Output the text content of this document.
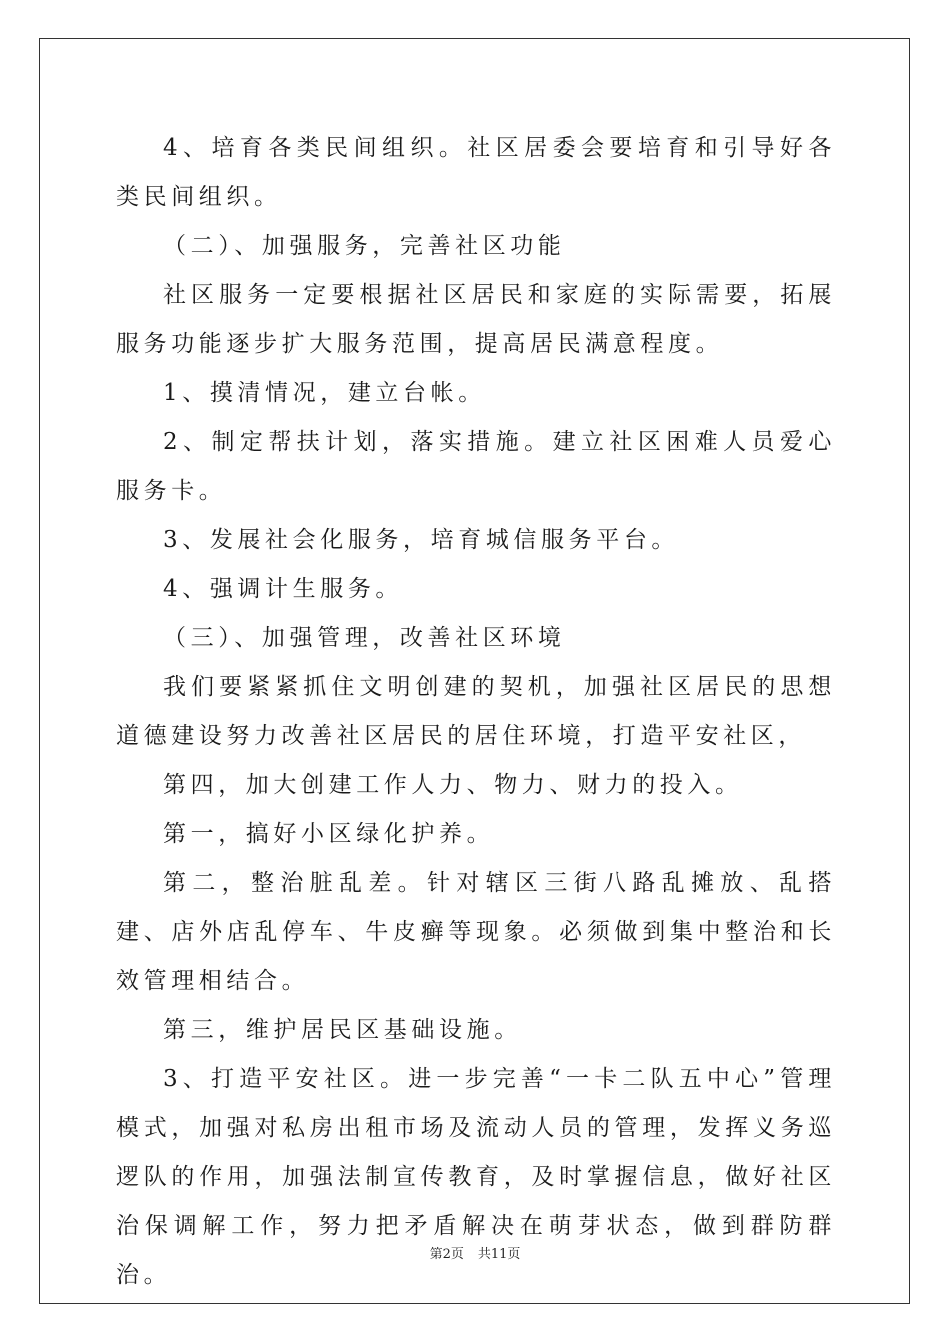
4、培育各类民间组织。社区居委会要培育和引导好各类民间组织。

（二）、加强服务，完善社区功能

社区服务一定要根据社区居民和家庭的实际需要，拓展服务功能逐步扩大服务范围，提高居民满意程度。

1、摸清情况，建立台帐。

2、制定帮扶计划，落实措施。建立社区困难人员爱心服务卡。

3、发展社会化服务，培育城信服务平台。

4、强调计生服务。

（三）、加强管理，改善社区环境

我们要紧紧抓住文明创建的契机，加强社区居民的思想道德建设努力改善社区居民的居住环境，打造平安社区，

第四，加大创建工作人力、物力、财力的投入。

第一，搞好小区绿化护养。

第二，整治脏乱差。针对辖区三街八路乱摊放、乱搭建、店外店乱停车、牛皮癣等现象。必须做到集中整治和长效管理相结合。

第三，维护居民区基础设施。

3、打造平安社区。进一步完善“一卡二队五中心”管理模式，加强对私房出租市场及流动人员的管理，发挥义务巡逻队的作用，加强法制宣传教育，及时掌握信息，做好社区治保调解工作，努力把矛盾解决在萌芽状态，做到群防群治。

第2页 共11页
